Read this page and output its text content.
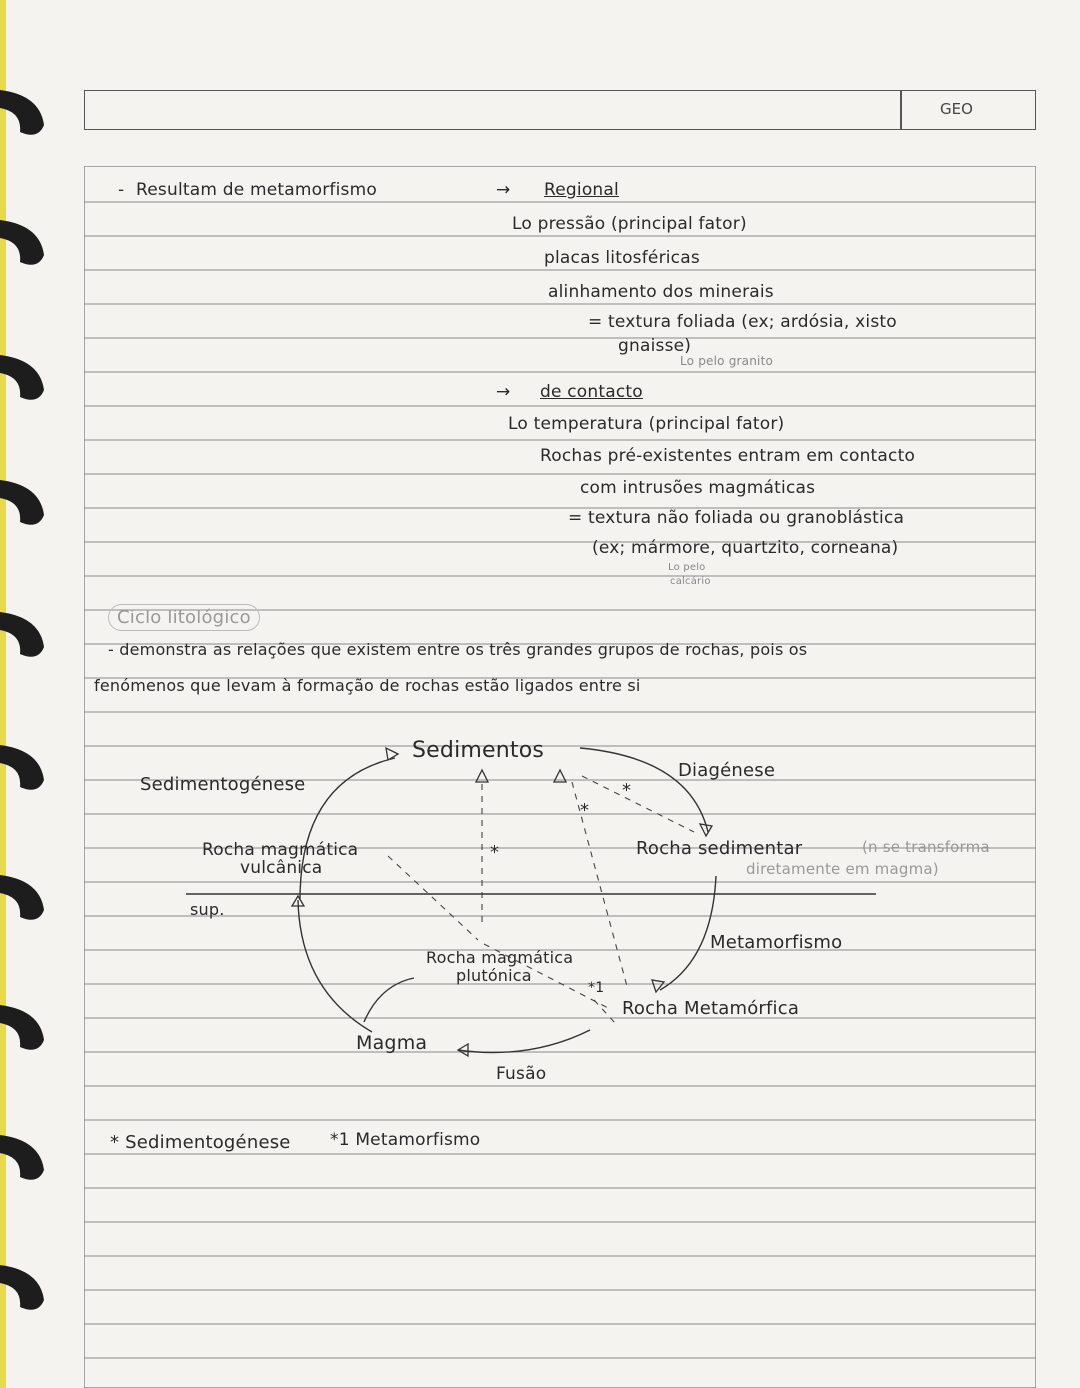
GEO
- Resultam de metamorfismo	→ Regional
Lo pressão (principal fator)
placas litosféricas
alinhamento dos minerais
= textura foliada (ex; ardósia, xisto
gnaisse)
Lo pelo granito
→ de contacto
Lo temperatura (principal fator)
Rochas pré-existentes entram em contacto
com intrusões magmáticas
= textura não foliada ou granoblástica
(ex; mármore, quartzito, corneana)
Lo pelo
calcário
Ciclo litológico
- demonstra as relações que existem entre os três grandes grupos de rochas, pois os
fenómenos que levam à formação de rochas estão ligados entre si
Sedimentos
Sedimentogénese
Diagénese
*
*
*
Rocha magmática
vulcânica
Rocha sedimentar	(n se transforma
diretamente em magma)
sup.
Metamorfismo
Rocha magmática
plutónica
*1
Rocha Metamórfica
Magma
Fusão
* Sedimentogénese *1 Metamorfismo
